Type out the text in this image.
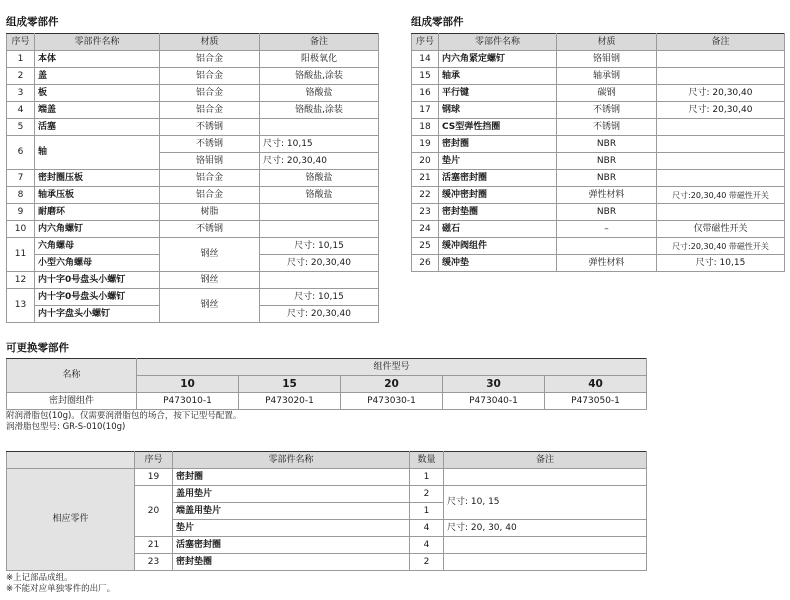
组成零部件
序号	零部件名称	材质	备注
1	本体	铝合金	阳极氧化
2	盖	铝合金	铬酸盐,涂装
3	板	铝合金	铬酸盐
4	端盖	铝合金	铬酸盐,涂装
5	活塞	不锈钢	
6	轴	不锈钢	尺寸: 10,15
		铬钼钢	尺寸: 20,30,40
7	密封圈压板	铝合金	铬酸盐
8	轴承压板	铝合金	铬酸盐
9	耐磨环	树脂	
10	内六角螺钉	不锈钢	
11	六角螺母	钢丝	尺寸: 10,15
	小型六角螺母		尺寸: 20,30,40
12	内十字0号盘头小螺钉	钢丝	
13	内十字0号盘头小螺钉	钢丝	尺寸: 10,15
	内十字盘头小螺钉		尺寸: 20,30,40
组成零部件
序号	零部件名称	材质	备注
14	内六角紧定螺钉	铬钼钢	
15	轴承	轴承钢	
16	平行键	碳钢	尺寸: 20,30,40
17	钢球	不锈钢	尺寸: 20,30,40
18	CS型弹性挡圈	不锈钢	
19	密封圈	NBR	
20	垫片	NBR	
21	活塞密封圈	NBR	
22	缓冲密封圈	弹性材料	尺寸:20,30,40 带磁性开关
23	密封垫圈	NBR	
24	磁石	–	仅带磁性开关
25	缓冲阀组件		尺寸:20,30,40 带磁性开关
26	缓冲垫	弹性材料	尺寸: 10,15
可更换零部件
名称	组件型号				
	10	15	20	30	40
密封圈组件	P473010-1	P473020-1	P473030-1	P473040-1	P473050-1
附润滑脂包(10g)。仅需要润滑脂包的场合，按下记型号配置。
润滑脂包型号: GR-S-010(10g)
	序号	零部件名称	数量	备注
相应零件	19	密封圈	1	
	20	盖用垫片	2	尺寸: 10, 15
		端盖用垫片	1	
		垫片	4	尺寸: 20, 30, 40
	21	活塞密封圈	4	
	23	密封垫圈	2	
※上记部品成组。
※不能对应单独零件的出厂。
